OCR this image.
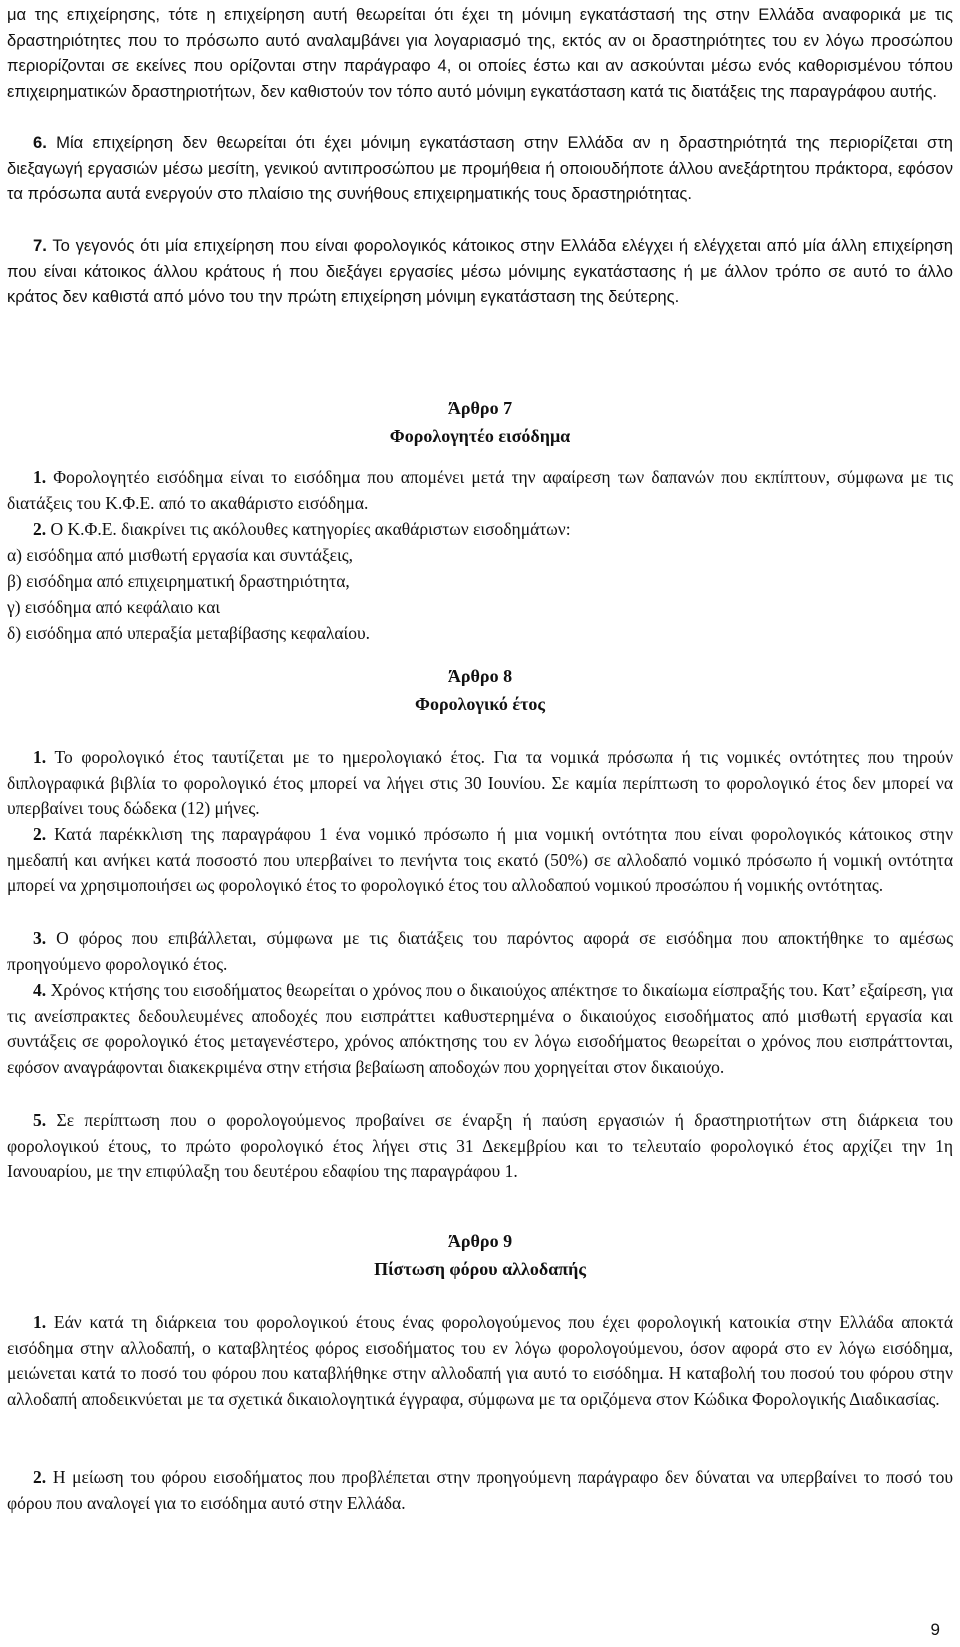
μα της επιχείρησης, τότε η επιχείρηση αυτή θεωρείται ότι έχει τη μόνιμη εγκατάστασή της στην Ελλάδα αναφορικά με τις δραστηριότητες που το πρόσωπο αυτό αναλαμβάνει για λογαριασμό της, εκτός αν οι δραστηριότητες του εν λόγω προσώπου περιορίζονται σε εκείνες που ορίζονται στην παράγραφο 4, οι οποίες έστω και αν ασκούνται μέσω ενός καθορισμένου τόπου επιχειρηματικών δραστηριοτήτων, δεν καθιστούν τον τόπο αυτό μόνιμη εγκατάσταση κατά τις διατάξεις της παραγράφου αυτής.

6. Μία επιχείρηση δεν θεωρείται ότι έχει μόνιμη εγκατάσταση στην Ελλάδα αν η δραστηριότητά της περιορίζεται στη διεξαγωγή εργασιών μέσω μεσίτη, γενικού αντιπροσώπου με προμήθεια ή οποιουδήποτε άλλου ανεξάρτητου πράκτορα, εφόσον τα πρόσωπα αυτά ενεργούν στο πλαίσιο της συνήθους επιχειρηματικής τους δραστηριότητας.

7. Το γεγονός ότι μία επιχείρηση που είναι φορολογικός κάτοικος στην Ελλάδα ελέγχει ή ελέγχεται από μία άλλη επιχείρηση που είναι κάτοικος άλλου κράτους ή που διεξάγει εργασίες μέσω μόνιμης εγκατάστασης ή με άλλον τρόπο σε αυτό το άλλο κράτος δεν καθιστά από μόνο του την πρώτη επιχείρηση μόνιμη εγκατάσταση της δεύτερης.

Άρθρο 7
Φορολογητέο εισόδημα

1. Φορολογητέο εισόδημα είναι το εισόδημα που απομένει μετά την αφαίρεση των δαπανών που εκπίπτουν, σύμφωνα με τις διατάξεις του Κ.Φ.Ε. από το ακαθάριστο εισόδημα.

2. Ο Κ.Φ.Ε. διακρίνει τις ακόλουθες κατηγορίες ακαθάριστων εισοδημάτων:

α) εισόδημα από μισθωτή εργασία και συντάξεις,

β) εισόδημα από επιχειρηματική δραστηριότητα,

γ) εισόδημα από κεφάλαιο και

δ) εισόδημα από υπεραξία μεταβίβασης κεφαλαίου.

Άρθρο 8
Φορολογικό έτος

1. Το φορολογικό έτος ταυτίζεται με το ημερολογιακό έτος. Για τα νομικά πρόσωπα ή τις νομικές οντότητες που τηρούν διπλογραφικά βιβλία το φορολογικό έτος μπορεί να λήγει στις 30 Ιουνίου. Σε καμία περίπτωση το φορολογικό έτος δεν μπορεί να υπερβαίνει τους δώδεκα (12) μήνες.

2. Κατά παρέκκλιση της παραγράφου 1 ένα νομικό πρόσωπο ή μια νομική οντότητα που είναι φορολογικός κάτοικος στην ημεδαπή και ανήκει κατά ποσοστό που υπερβαίνει το πενήντα τοις εκατό (50%) σε αλλοδαπό νομικό πρόσωπο ή νομική οντότητα μπορεί να χρησιμοποιήσει ως φορολογικό έτος το φορολογικό έτος του αλλοδαπού νομικού προσώπου ή νομικής οντότητας.

3. Ο φόρος που επιβάλλεται, σύμφωνα με τις διατάξεις του παρόντος αφορά σε εισόδημα που αποκτήθηκε το αμέσως προηγούμενο φορολογικό έτος.

4. Χρόνος κτήσης του εισοδήματος θεωρείται ο χρόνος που ο δικαιούχος απέκτησε το δικαίωμα είσπραξής του. Κατ’ εξαίρεση, για τις ανείσπρακτες δεδουλευμένες αποδοχές που εισπράττει καθυστερημένα ο δικαιούχος εισοδήματος από μισθωτή εργασία και συντάξεις σε φορολογικό έτος μεταγενέστερο, χρόνος απόκτησης του εν λόγω εισοδήματος θεωρείται ο χρόνος που εισπράττονται, εφόσον αναγράφονται διακεκριμένα στην ετήσια βεβαίωση αποδοχών που χορηγείται στον δικαιούχο.

5. Σε περίπτωση που ο φορολογούμενος προβαίνει σε έναρξη ή παύση εργασιών ή δραστηριοτήτων στη διάρκεια του φορολογικού έτους, το πρώτο φορολογικό έτος λήγει στις 31 Δεκεμβρίου και το τελευταίο φορολογικό έτος αρχίζει την 1η Ιανουαρίου, με την επιφύλαξη του δευτέρου εδαφίου της παραγράφου 1.

Άρθρο 9
Πίστωση φόρου αλλοδαπής

1. Εάν κατά τη διάρκεια του φορολογικού έτους ένας φορολογούμενος που έχει φορολογική κατοικία στην Ελλάδα αποκτά εισόδημα στην αλλοδαπή, ο καταβλητέος φόρος εισοδήματος του εν λόγω φορολογούμενου, όσον αφορά στο εν λόγω εισόδημα, μειώνεται κατά το ποσό του φόρου που καταβλήθηκε στην αλλοδαπή για αυτό το εισόδημα. Η καταβολή του ποσού του φόρου στην αλλοδαπή αποδεικνύεται με τα σχετικά δικαιολογητικά έγγραφα, σύμφωνα με τα οριζόμενα στον Κώδικα Φορολογικής Διαδικασίας.

2. Η μείωση του φόρου εισοδήματος που προβλέπεται στην προηγούμενη παράγραφο δεν δύναται να υπερβαίνει το ποσό του φόρου που αναλογεί για το εισόδημα αυτό στην Ελλάδα.

9
